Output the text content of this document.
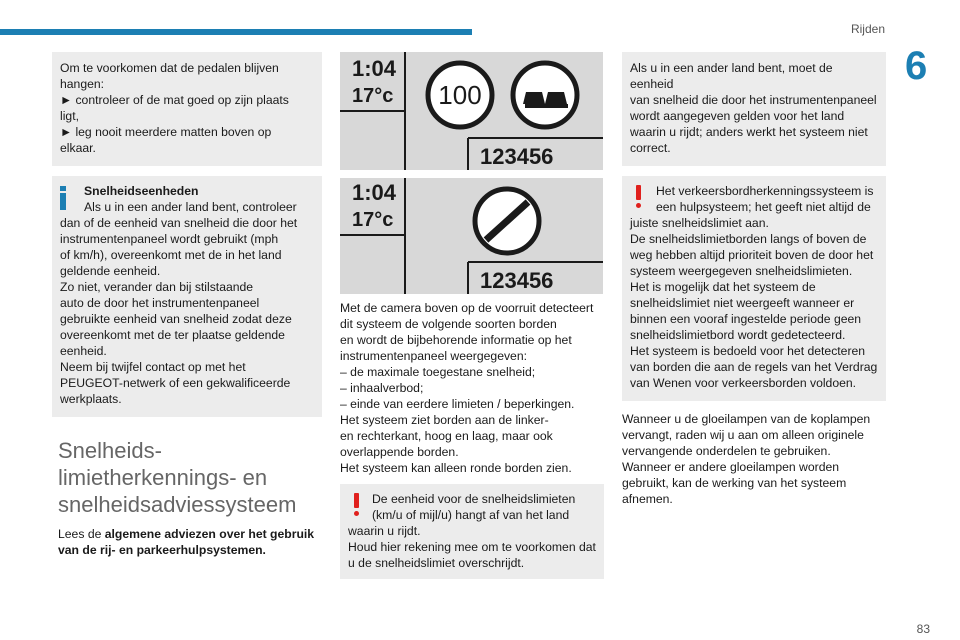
Rijden
6
83

Om te voorkomen dat de pedalen blijven

hangen:

► controleer of de mat goed op zijn plaats

ligt,

► leg nooit meerdere matten boven op

elkaar.

Snelheidseenheden

Als u in een ander land bent, controleer

dan of de eenheid van snelheid die door het

instrumentenpaneel wordt gebruikt (mph

of km/h), overeenkomt met de in het land

geldende eenheid.

Zo niet, verander dan bij stilstaande

auto de door het instrumentenpaneel

gebruikte eenheid van snelheid zodat deze

overeenkomt met de ter plaatse geldende

eenheid.

Neem bij twijfel contact op met het

PEUGEOT-netwerk of een gekwalificeerde

werkplaats.

Snelheids-

limietherkennings- en

snelheidsadviessysteem

Lees de algemene adviezen over het gebruik

van de rij- en parkeerhulpsystemen.

1:04
17°c 100
123456
1:04
17°c
123456

Met de camera boven op de voorruit detecteert

dit systeem de volgende soorten borden

en wordt de bijbehorende informatie op het

instrumentenpaneel weergegeven:

– de maximale toegestane snelheid;

– inhaalverbod;

– einde van eerdere limieten / beperkingen.

Het systeem ziet borden aan de linker-

en rechterkant, hoog en laag, maar ook

overlappende borden.

Het systeem kan alleen ronde borden zien.

De eenheid voor de snelheidslimieten

(km/u of mijl/u) hangt af van het land

waarin u rijdt.

Houd hier rekening mee om te voorkomen dat

u de snelheidslimiet overschrijdt.

Als u in een ander land bent, moet de eenheid

van snelheid die door het instrumentenpaneel

wordt aangegeven gelden voor het land

waarin u rijdt; anders werkt het systeem niet

correct.

Het verkeersbordherkenningssysteem is

een hulpsysteem; het geeft niet altijd de

juiste snelheidslimiet aan.

De snelheidslimietborden langs of boven de

weg hebben altijd prioriteit boven de door het

systeem weergegeven snelheidslimieten.

Het is mogelijk dat het systeem de

snelheidslimiet niet weergeeft wanneer er

binnen een vooraf ingestelde periode geen

snelheidslimietbord wordt gedetecteerd.

Het systeem is bedoeld voor het detecteren

van borden die aan de regels van het Verdrag

van Wenen voor verkeersborden voldoen.

Wanneer u de gloeilampen van de koplampen

vervangt, raden wij u aan om alleen originele

vervangende onderdelen te gebruiken.

Wanneer er andere gloeilampen worden

gebruikt, kan de werking van het systeem

afnemen.
